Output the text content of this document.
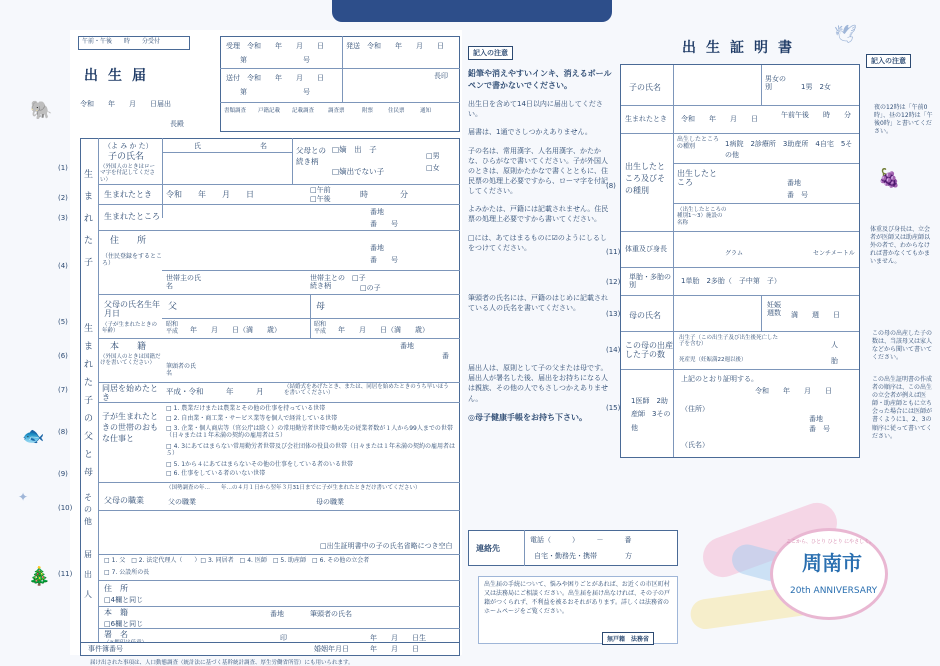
午前・午後　　時　　分受付
出生届
令和　　年　　月　　日届出
長殿
受理　令和　　年　　月　　日
第　　　　　　　　号
送付　令和　　年　　月　　日
第　　　　　　　　号
発送　令和　　年　　月　　日
長印
書類調査 戸籍記載 記載調査	調査票	附票	住民票	通知
(1)
(2)
(3)
(4)
(5)
(6)
(7)
(8)
(9)
(10)
(11)
生まれた子
生まれた子の父と母
その他
届出人
（よ み か た）
子の氏名
（外国人のときはローマ字を付記してください）
氏	名	父母との続き柄
□嫡　出　子
□嫡出でない子
□男
□女
生まれたとき 令和　　年　　月　　日	□午前
□午後	時　　　　分
生まれたところ	番地
番　　号
住　　所
（住民登録をするところ）
番地
番　　号
世帯主の氏名
世帯主との続き柄	□の子
□子
父母の氏名生年月日
（子が生まれたときの年齢）
父	母
昭和平成	年　　月　　日（満　　歳）
昭和平成	年　　月　　日（満　　歳）
本　　籍
（外国人のときは国籍だけを書いてください）
番地
番
筆頭者の氏名
同居を始めたとき
平成・令和　　　年　　　月	（結婚式をあげたとき、または、同居を始めたときのうち早いほうを書いてください）
子が生まれたときの世帯のおもな仕事と
□ 1. 農業だけまたは農業とその他の仕事を持っている世帯
□ 2. 自由業・商工業・サービス業等を個人で経営している世帯
□ 3. 企業・個人商店等（官公庁は除く）の常用勤労者世帯で勤め先の従業者数が１人から99人までの世帯（日々または１年未満の契約の雇用者は５）
□ 4. 3にあてはまらない常用勤労者世帯及び会社団体の役員の世帯（日々または１年未満の契約の雇用者は５）
□ 5. 1から４にあてはまらないその他の仕事をしている者のいる世帯
□ 6. 仕事をしている者のいない世帯
父母の職業
（国勢調査の年…　　年…の４月１日から翌年３月31日までに子が生まれたときだけ書いてください）
父の職業	母の職業
□出生証明書中の子の氏名省略につき空白
□ 1. 父　□ 2. 法定代理人（　　）□ 3. 同居者　□ 4. 医師　□ 5. 助産師　□ 6. その他の立会者
□ 7. 公設所の長
住　所
□4欄と同じ
本　籍	番地	筆頭者の氏名
□6欄と同じ
署　名	印	年　　月　　日生
事件簿番号	婚姻年月日　　　年　　月　　日
届け出された事項は、人口動態調査（統計法に基づく基幹統計調査、厚生労働省所管）にも用いられます。
記入の注意
鉛筆や消えやすいインキ、消えるボールペンで書かないでください。
出生日を含めて14日以内に届出してください。
届書は、1通でさしつかえありません。
子の名は、常用漢字、人名用漢字、かたかな、ひらがなで書いてください。子が外国人のときは、原則かたかなで書くとともに、住民票の処理上必要ですから、ローマ字を付記してください。
よみかたは、戸籍には記載されません。住民票の処理上必要ですから書いてください。
□には、あてはまるものに☑のようにしるしをつけてください。
筆頭者の氏名には、戸籍のはじめに記載されている人の氏名を書いてください。
届出人は、原則として子の父または母です。届出人が署名した後、届出をお持ちになる人は親族、その他の人でもさしつかえありません。
◎母子健康手帳をお持ち下さい。
連絡先
電話（　　　）　　　－　　　番
自宅・勤務先・携帯　　　　方
出生届の手続について、悩みや困りごとがあれば、お近くの市区町村又は法務局にご相談ください。出生届を届け出なければ、その子の戸籍がつくられず、不利益を被るおそれがあります。詳しくは法務省のホームページをご覧ください。
無戸籍　法務省
出生証明書
記入の注意
子の氏名
男女の別	1男　2女
生まれたとき 令和　　年　　月　　日	午前午後　　時　　分
出生したところ及びその種別
出生したところの種別	1病院　2診療所　3助産所　4自宅　5その他
出生したところ	番地
番　号
（出生したところの種別1～3）施設の名称
体重及び身長
グラム	センチメートル
単胎・多胎の別
1単胎　2多胎（　子中第　子）
母の氏名
妊娠週数	満　　週　　日
この母の出産した子の数
出生子（この出生子及び出生後死亡した子を含む）	人
死産児（妊娠満22週以後）	胎
上記のとおり証明する。
令和　　年　　月　　日
1医師　2助産師　3その他
（住所）
番地
番　号
（氏名）
(8)
(11)
(12)
(13)
(14)
(15)
夜の12時は「午前0時」、昼の12時は「午後0時」と書いてください。
体重及び身長は、立会者が医師又は助産師以外の者で、わからなければ書かなくてもかまいません。
この母の出産した子の数は、当該母又は家人などから聞いて書いてください。
この出生証明書の作成者の順序は、この出生の立会者が例えば医師・助産師ともに立ち会った場合には医師が書くように1、2、3の順序に従って書いてください。
ここから、ひとり ひとり にやさしく。
周南市
20th ANNIVERSARY
🐘
🕊
🍇
✦
🐟
🎄
